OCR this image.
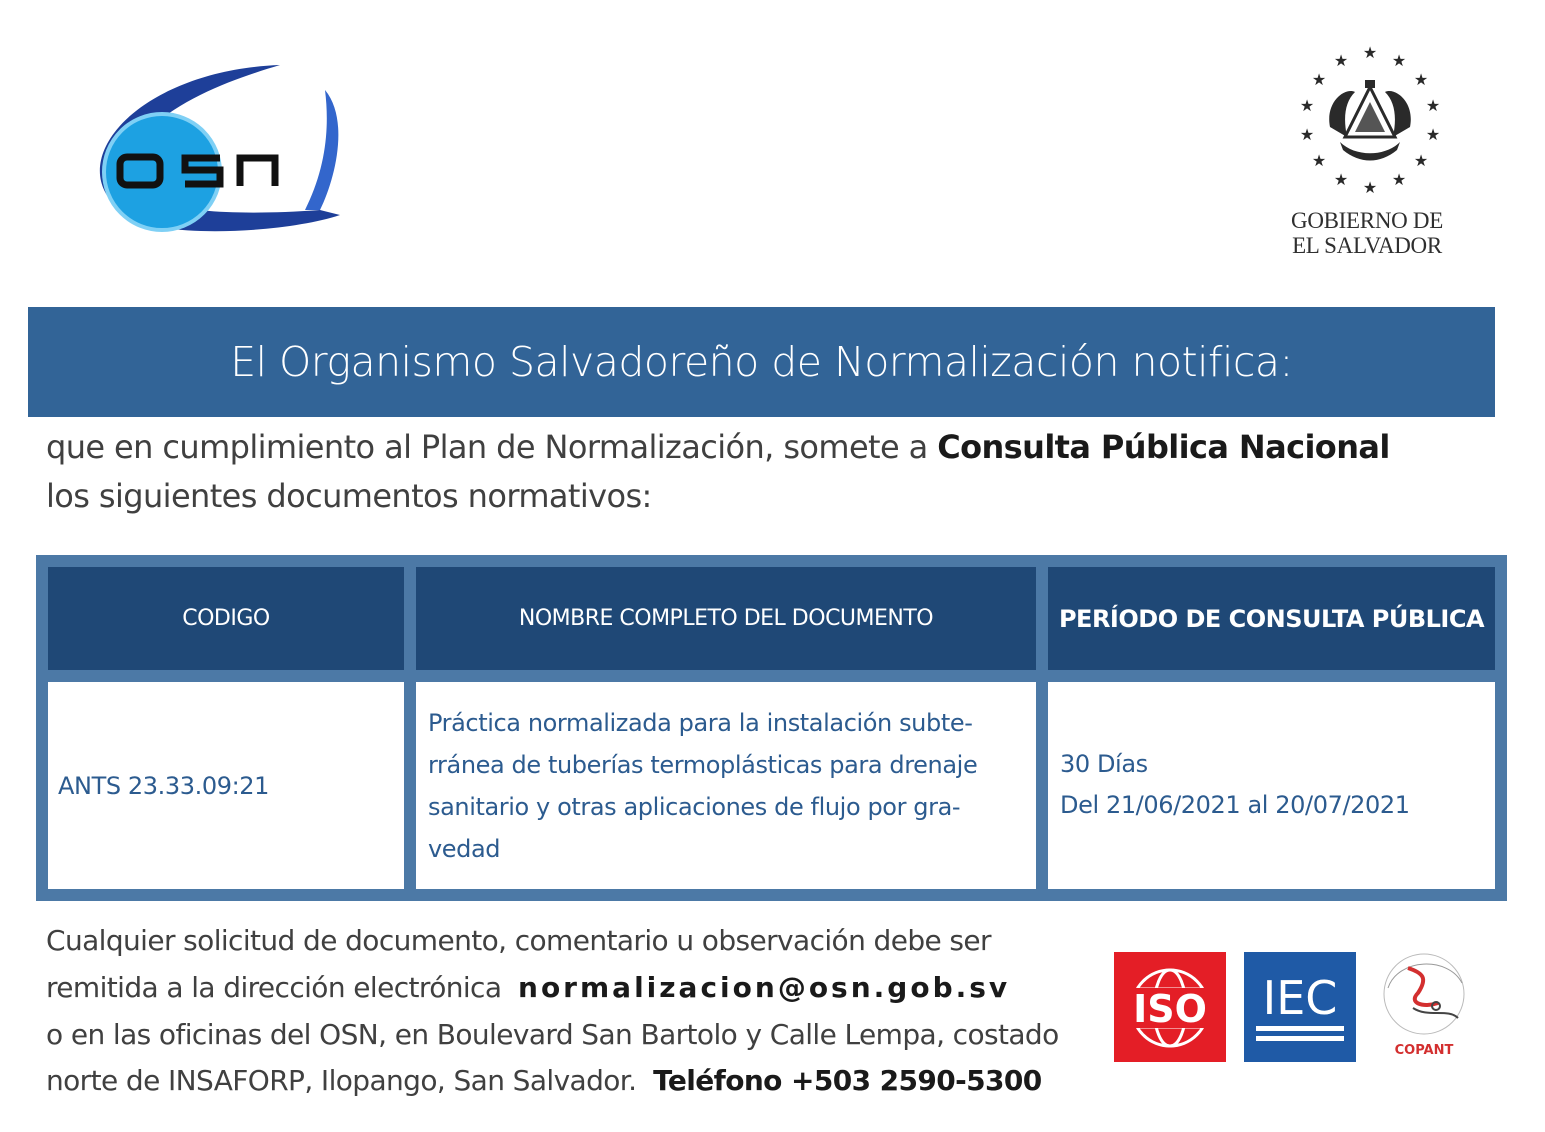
★ ★
★
★
★
★
★
★
★
★
★
★
★ ★
GOBIERNO DE
EL SALVADOR
El Organismo Salvadoreño de Normalización notifica:
que en cumplimiento al Plan de Normalización, somete a Consulta Pública Nacional
los siguientes documentos normativos:
CODIGO	NOMBRE COMPLETO DEL DOCUMENTO	PERÍODO DE CONSULTA PÚBLICA
ANTS 23.33.09:21
Práctica normalizada para la instalación subte-
rránea de tuberías termoplásticas para drenaje
sanitario y otras aplicaciones de flujo por gra-
vedad
30 Días
Del 21/06/2021 al 20/07/2021
Cualquier solicitud de documento, comentario u observación debe ser
remitida a la dirección electrónica normalizacion@osn.gob.sv
o en las oficinas del OSN, en Boulevard San Bartolo y Calle Lempa, costado
norte de INSAFORP, Ilopango, San Salvador. Teléfono +503 2590-5300
ISO IEC
COPANT
